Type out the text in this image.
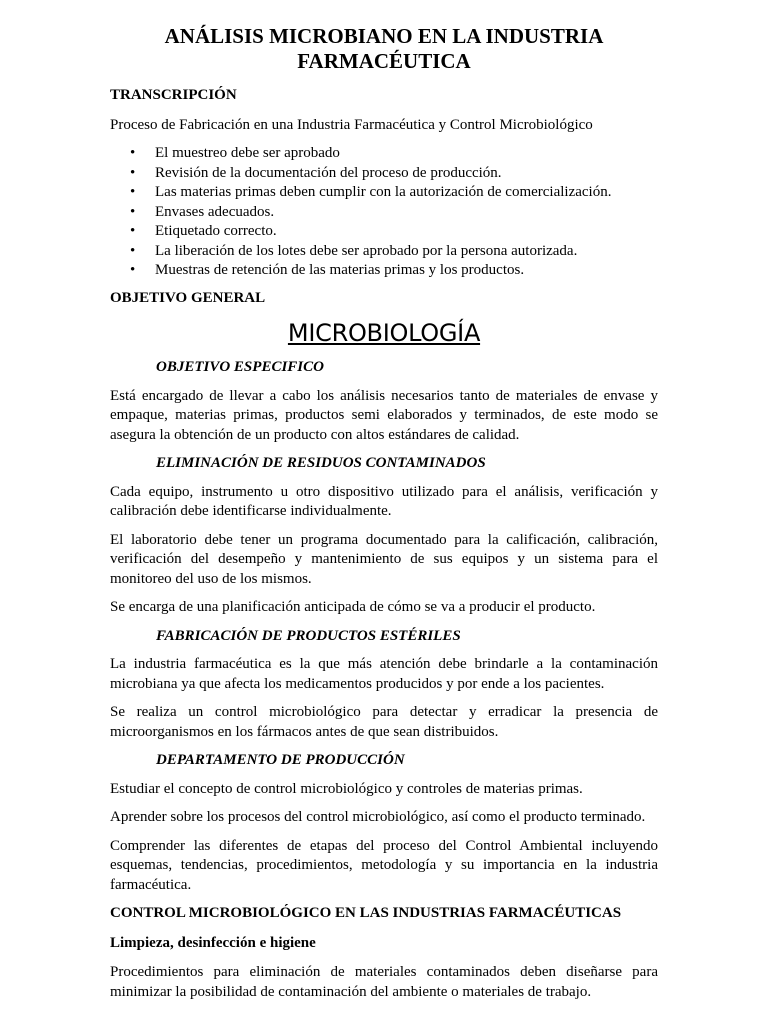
ANÁLISIS MICROBIANO EN LA INDUSTRIA
FARMACÉUTICA
TRANSCRIPCIÓN
Proceso de Fabricación en una Industria Farmacéutica y Control Microbiológico
• El muestreo debe ser aprobado
• Revisión de la documentación del proceso de producción.
• Las materias primas deben cumplir con la autorización de comercialización.
• Envases adecuados.
• Etiquetado correcto.
• La liberación de los lotes debe ser aprobado por la persona autorizada.
• Muestras de retención de las materias primas y los productos.
OBJETIVO GENERAL
MICROBIOLOGÍA
OBJETIVO ESPECIFICO
Está encargado de llevar a cabo los análisis necesarios tanto de materiales de envase y empaque, materias primas, productos semi elaborados y terminados, de este modo se asegura la obtención de un producto con altos estándares de calidad.
ELIMINACIÓN DE RESIDUOS CONTAMINADOS
Cada equipo, instrumento u otro dispositivo utilizado para el análisis, verificación y calibración debe identificarse individualmente.
El laboratorio debe tener un programa documentado para la calificación, calibración, verificación del desempeño y mantenimiento de sus equipos y un sistema para el monitoreo del uso de los mismos.
Se encarga de una planificación anticipada de cómo se va a producir el producto.
FABRICACIÓN DE PRODUCTOS ESTÉRILES
La industria farmacéutica es la que más atención debe brindarle a la contaminación microbiana ya que afecta los medicamentos producidos y por ende a los pacientes.
Se realiza un control microbiológico para detectar y erradicar la presencia de microorganismos en los fármacos antes de que sean distribuidos.
DEPARTAMENTO DE PRODUCCIÓN
Estudiar el concepto de control microbiológico y controles de materias primas.
Aprender sobre los procesos del control microbiológico, así como el producto terminado.
Comprender las diferentes de etapas del proceso del Control Ambiental incluyendo esquemas, tendencias, procedimientos, metodología y su importancia en la industria farmacéutica.
CONTROL MICROBIOLÓGICO EN LAS INDUSTRIAS FARMACÉUTICAS
Limpieza, desinfección e higiene
Procedimientos para eliminación de materiales contaminados deben diseñarse para minimizar la posibilidad de contaminación del ambiente o materiales de trabajo.
